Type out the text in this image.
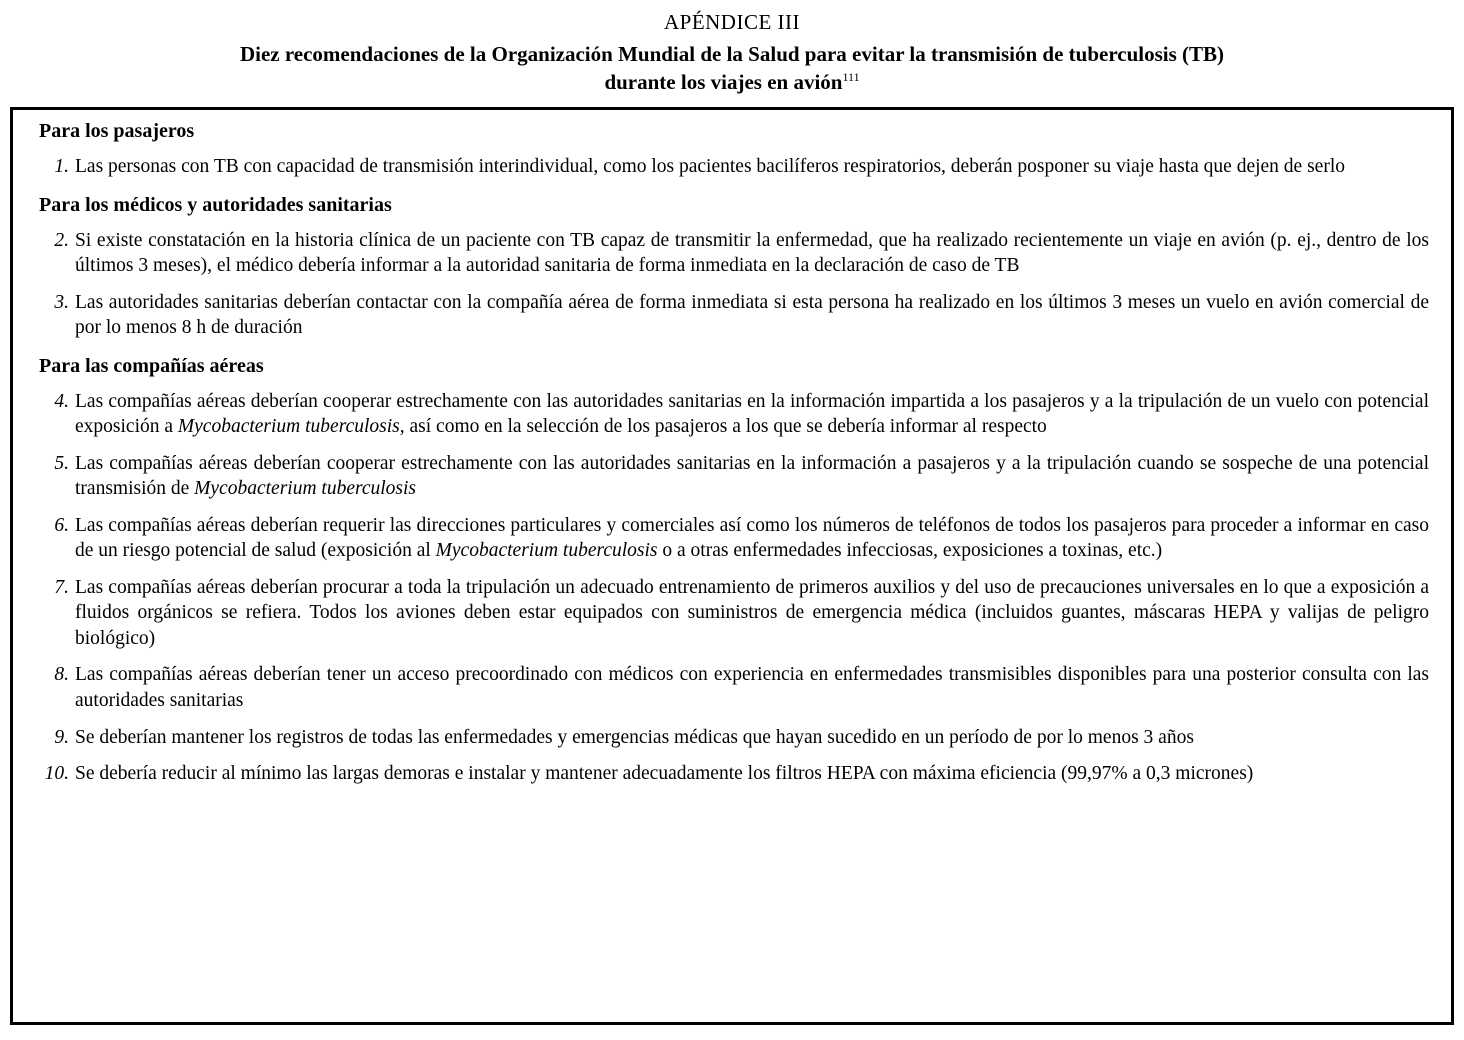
APÉNDICE III
Diez recomendaciones de la Organización Mundial de la Salud para evitar la transmisión de tuberculosis (TB)
durante los viajes en avión$^{111}$
Para los pasajeros
1. Las personas con TB con capacidad de transmisión interindividual, como los pacientes bacilíferos respiratorios, deberán posponer su viaje hasta que dejen de serlo
Para los médicos y autoridades sanitarias
2. Si existe constatación en la historia clínica de un paciente con TB capaz de transmitir la enfermedad, que ha realizado recientemente un viaje en avión (p. ej., dentro de los últimos 3 meses), el médico debería informar a la autoridad sanitaria de forma inmediata en la declaración de caso de TB
3. Las autoridades sanitarias deberían contactar con la compañía aérea de forma inmediata si esta persona ha realizado en los últimos 3 meses un vuelo en avión comercial de por lo menos 8 h de duración
Para las compañías aéreas
4. Las compañías aéreas deberían cooperar estrechamente con las autoridades sanitarias en la información impartida a los pasajeros y a la tripulación de un vuelo con potencial exposición a Mycobacterium tuberculosis, así como en la selección de los pasajeros a los que se debería informar al respecto
5. Las compañías aéreas deberían cooperar estrechamente con las autoridades sanitarias en la información a pasajeros y a la tripulación cuando se sospeche de una potencial transmisión de Mycobacterium tuberculosis
6. Las compañías aéreas deberían requerir las direcciones particulares y comerciales así como los números de teléfonos de todos los pasajeros para proceder a informar en caso de un riesgo potencial de salud (exposición al Mycobacterium tuberculosis o a otras enfermedades infecciosas, exposiciones a toxinas, etc.)
7. Las compañías aéreas deberían procurar a toda la tripulación un adecuado entrenamiento de primeros auxilios y del uso de precauciones universales en lo que a exposición a fluidos orgánicos se refiera. Todos los aviones deben estar equipados con suministros de emergencia médica (incluidos guantes, máscaras HEPA y valijas de peligro biológico)
8. Las compañías aéreas deberían tener un acceso precoordinado con médicos con experiencia en enfermedades transmisibles disponibles para una posterior consulta con las autoridades sanitarias
9. Se deberían mantener los registros de todas las enfermedades y emergencias médicas que hayan sucedido en un período de por lo menos 3 años
10. Se debería reducir al mínimo las largas demoras e instalar y mantener adecuadamente los filtros HEPA con máxima eficiencia (99,97% a 0,3 micrones)
